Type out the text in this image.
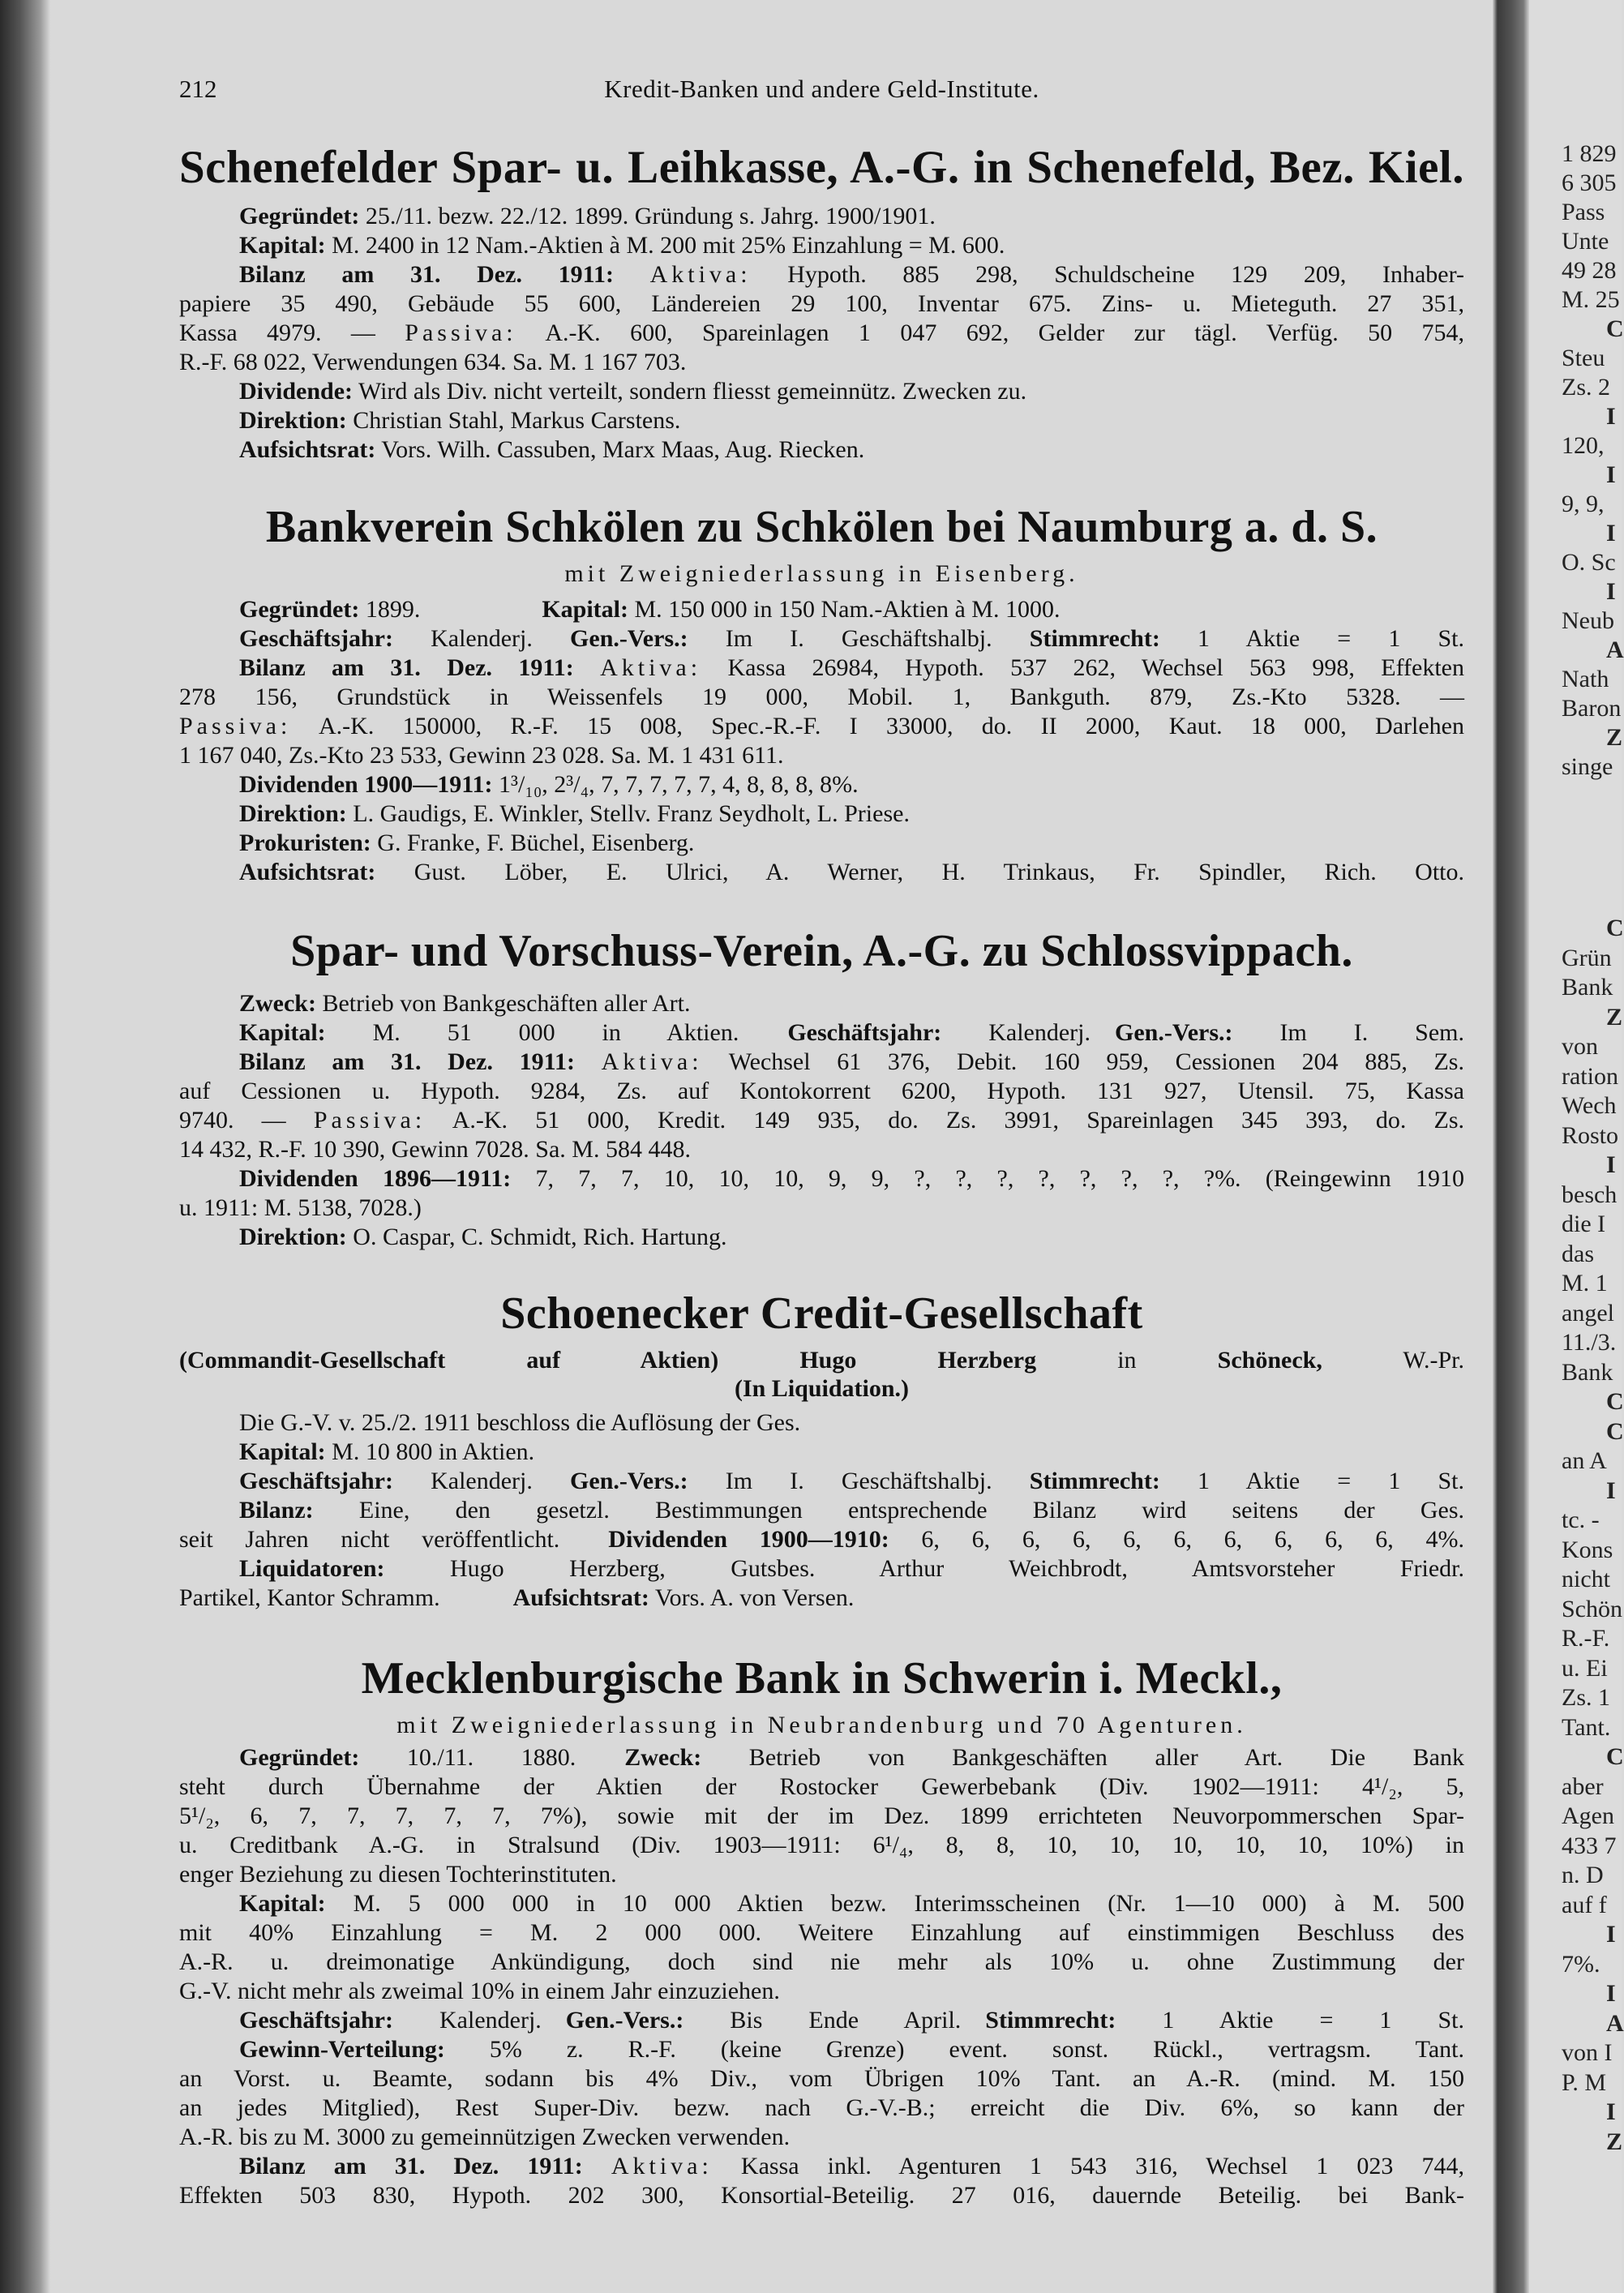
212	Kredit-Banken und andere Geld-Institute.
Schenefelder Spar- u. Leihkasse, A.-G. in Schenefeld, Bez. Kiel.
Gegründet: 25./11. bezw. 22./12. 1899. Gründung s. Jahrg. 1900/1901.
Kapital: M. 2400 in 12 Nam.-Aktien à M. 200 mit 25% Einzahlung = M. 600.
Bilanz am 31. Dez. 1911: Aktiva: Hypoth. 885 298, Schuldscheine 129 209, Inhaber-
papiere 35 490, Gebäude 55 600, Ländereien 29 100, Inventar 675. Zins- u. Mieteguth. 27 351,
Kassa 4979. — Passiva: A.-K. 600, Spareinlagen 1 047 692, Gelder zur tägl. Verfüg. 50 754,
R.-F. 68 022, Verwendungen 634. Sa. M. 1 167 703.
Dividende: Wird als Div. nicht verteilt, sondern fliesst gemeinnütz. Zwecken zu.
Direktion: Christian Stahl, Markus Carstens.
Aufsichtsrat: Vors. Wilh. Cassuben, Marx Maas, Aug. Riecken.
Bankverein Schkölen zu Schkölen bei Naumburg a. d. S.
mit Zweigniederlassung in Eisenberg.
Gegründet: 1899.     Kapital: M. 150 000 in 150 Nam.-Aktien à M. 1000.
Geschäftsjahr: Kalenderj. Gen.-Vers.: Im I. Geschäftshalbj. Stimmrecht: 1 Aktie = 1 St.
Bilanz am 31. Dez. 1911: Aktiva: Kassa 26984, Hypoth. 537 262, Wechsel 563 998, Effekten
278 156, Grundstück in Weissenfels 19 000, Mobil. 1, Bankguth. 879, Zs.-Kto 5328. —
Passiva: A.-K. 150000, R.-F. 15 008, Spec.-R.-F. I 33000, do. II 2000, Kaut. 18 000, Darlehen
1 167 040, Zs.-Kto 23 533, Gewinn 23 028. Sa. M. 1 431 611.
Dividenden 1900—1911: 1³/₁₀, 2³/₄, 7, 7, 7, 7, 7, 4, 8, 8, 8, 8%.
Direktion: L. Gaudigs, E. Winkler, Stellv. Franz Seydholt, L. Priese.
Prokuristen: G. Franke, F. Büchel, Eisenberg.
Aufsichtsrat: Gust. Löber, E. Ulrici, A. Werner, H. Trinkaus, Fr. Spindler, Rich. Otto.
Spar- und Vorschuss-Verein, A.-G. zu Schlossvippach.
Zweck: Betrieb von Bankgeschäften aller Art.
Kapital: M. 51 000 in Aktien.  Geschäftsjahr: Kalenderj. Gen.-Vers.: Im I. Sem.
Bilanz am 31. Dez. 1911: Aktiva: Wechsel 61 376, Debit. 160 959, Cessionen 204 885, Zs.
auf Cessionen u. Hypoth. 9284, Zs. auf Kontokorrent 6200, Hypoth. 131 927, Utensil. 75, Kassa
9740. — Passiva: A.-K. 51 000, Kredit. 149 935, do. Zs. 3991, Spareinlagen 345 393, do. Zs.
14 432, R.-F. 10 390, Gewinn 7028. Sa. M. 584 448.
Dividenden 1896—1911: 7, 7, 7, 10, 10, 10, 9, 9, ?, ?, ?, ?, ?, ?, ?, ?%. (Reingewinn 1910
u. 1911: M. 5138, 7028.)
Direktion: O. Caspar, C. Schmidt, Rich. Hartung.
Schoenecker Credit-Gesellschaft
(Commandit-Gesellschaft auf Aktien) Hugo Herzberg in Schöneck, W.-Pr.
(In Liquidation.)
Die G.-V. v. 25./2. 1911 beschloss die Auflösung der Ges.
Kapital: M. 10 800 in Aktien.
Geschäftsjahr: Kalenderj. Gen.-Vers.: Im I. Geschäftshalbj. Stimmrecht: 1 Aktie = 1 St.
Bilanz: Eine, den gesetzl. Bestimmungen entsprechende Bilanz wird seitens der Ges.
seit Jahren nicht veröffentlicht.  Dividenden 1900—1910: 6, 6, 6, 6, 6, 6, 6, 6, 6, 6, 4%.
Liquidatoren: Hugo Herzberg, Gutsbes. Arthur Weichbrodt, Amtsvorsteher Friedr.
Partikel, Kantor Schramm.   Aufsichtsrat: Vors. A. von Versen.
Mecklenburgische Bank in Schwerin i. Meckl.,
mit Zweigniederlassung in Neubrandenburg und 70 Agenturen.
Gegründet: 10./11. 1880.  Zweck: Betrieb von Bankgeschäften aller Art. Die Bank
steht durch Übernahme der Aktien der Rostocker Gewerbebank (Div. 1902—1911: 4¹/₂, 5,
5¹/₂, 6, 7, 7, 7, 7, 7, 7%), sowie mit der im Dez. 1899 errichteten Neuvorpommerschen Spar-
u. Creditbank A.-G. in Stralsund (Div. 1903—1911: 6¹/₄, 8, 8, 10, 10, 10, 10, 10, 10%) in
enger Beziehung zu diesen Tochterinstituten.
Kapital: M. 5 000 000 in 10 000 Aktien bezw. Interimsscheinen (Nr. 1—10 000) à M. 500
mit 40% Einzahlung = M. 2 000 000. Weitere Einzahlung auf einstimmigen Beschluss des
A.-R. u. dreimonatige Ankündigung, doch sind nie mehr als 10% u. ohne Zustimmung der
G.-V. nicht mehr als zweimal 10% in einem Jahr einzuziehen.
Geschäftsjahr: Kalenderj. Gen.-Vers.: Bis Ende April. Stimmrecht: 1 Aktie = 1 St.
Gewinn-Verteilung: 5% z. R.-F. (keine Grenze) event. sonst. Rückl., vertragsm. Tant.
an Vorst. u. Beamte, sodann bis 4% Div., vom Übrigen 10% Tant. an A.-R. (mind. M. 150
an jedes Mitglied), Rest Super-Div. bezw. nach G.-V.-B.; erreicht die Div. 6%, so kann der
A.-R. bis zu M. 3000 zu gemeinnützigen Zwecken verwenden.
Bilanz am 31. Dez. 1911: Aktiva: Kassa inkl. Agenturen 1 543 316, Wechsel 1 023 744,
Effekten 503 830, Hypoth. 202 300, Konsortial-Beteilig. 27 016, dauernde Beteilig. bei Bank-
1 829
6 305
Pass
Unte
49 28
M. 25
C
Steu
Zs. 2
I
120,
I
9, 9,
I
O. Sc
I
Neub
A
Nath
Baron
Z
singe
C
Grün
Bank
Z
von
ration
Wech
Rosto
I
besch
die I
das
M. 1
angel
11./3.
Bank
C
C
an A
I
tc. -
Kons
nicht
Schön
R.-F.
u. Ei
Zs. 1
Tant.
C
aber
Agen
433 7
n. D
auf f
I
7%.
I
A
von I
P. M
I
Z
